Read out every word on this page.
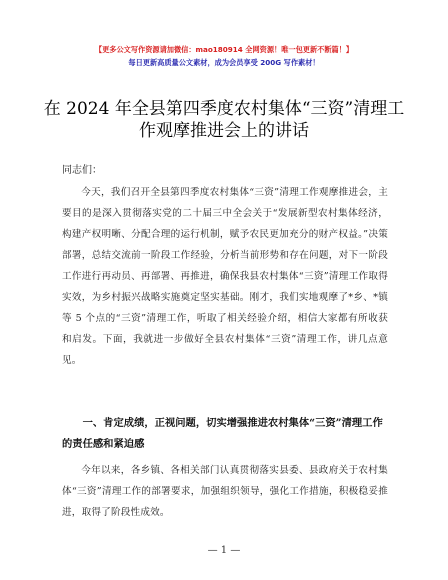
【更多公文写作资源请加微信：mao180914 全网资源！唯一包更新不断篇！】
每日更新高质量公文素材，成为会员享受 200G 写作素材！
在 2024 年全县第四季度农村集体“三资”清理工
作观摩推进会上的讲话
同志们：
今天，我们召开全县第四季度农村集体“三资”清理工作观摩推进会，主要目的是深入贯彻落实党的二十届三中全会关于“发展新型农村集体经济，构建产权明晰、分配合理的运行机制，赋予农民更加充分的财产权益。”决策部署，总结交流前一阶段工作经验，分析当前形势和存在问题，对下一阶段工作进行再动员、再部署、再推进，确保我县农村集体“三资”清理工作取得实效，为乡村振兴战略实施奠定坚实基础。刚才，我们实地观摩了*乡、*镇等 5 个点的“三资”清理工作，听取了相关经验介绍，相信大家都有所收获和启发。下面，我就进一步做好全县农村集体“三资”清理工作，讲几点意见。
一、肯定成绩，正视问题，切实增强推进农村集体“三资”清理工作的责任感和紧迫感
今年以来，各乡镇、各相关部门认真贯彻落实县委、县政府关于农村集体“三资”清理工作的部署要求，加强组织领导，强化工作措施，积极稳妥推进，取得了阶段性成效。
— 1 —
